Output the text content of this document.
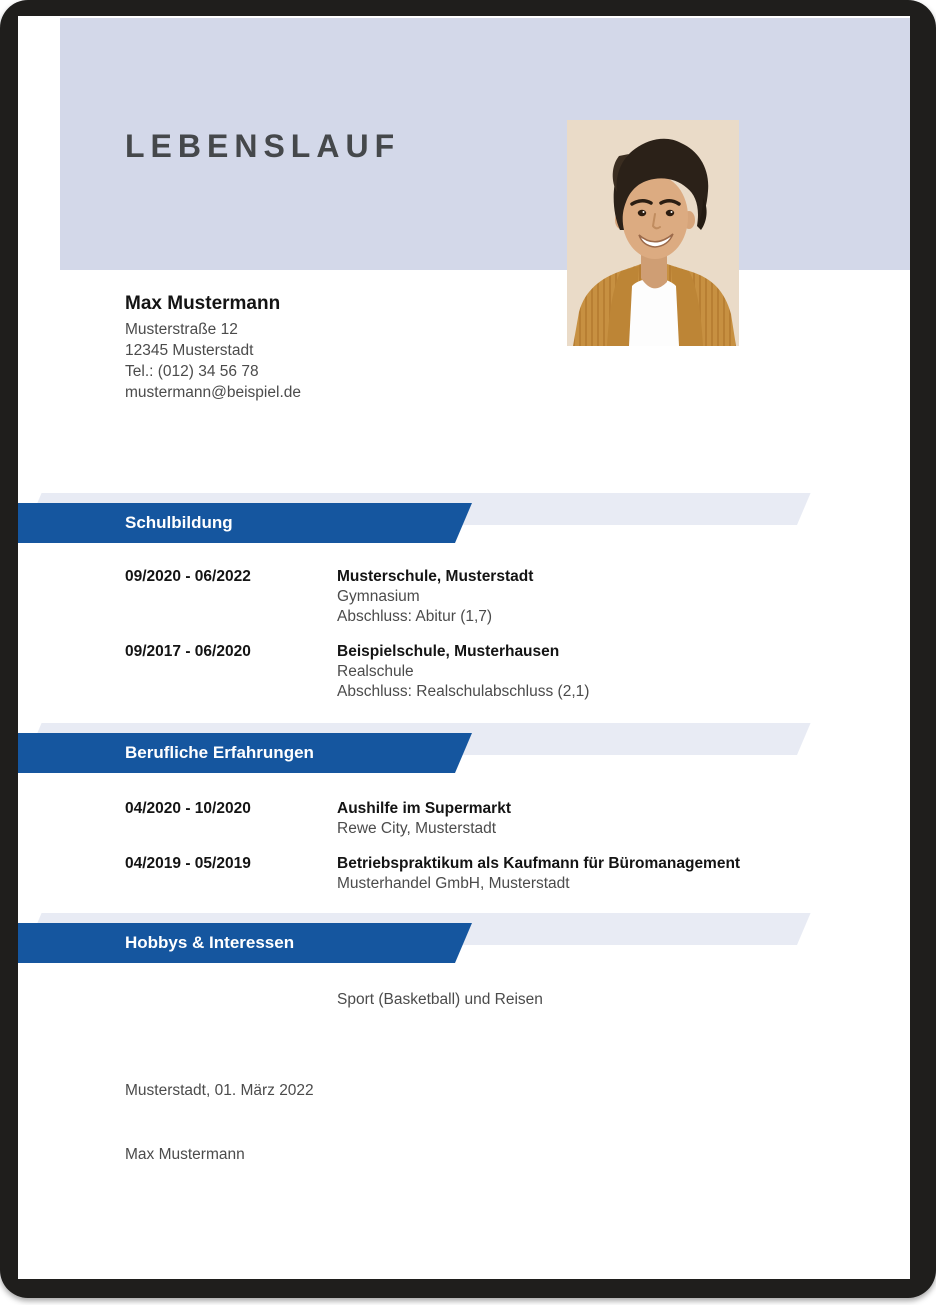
LEBENSLAUF
Max Mustermann
Musterstraße 12
12345 Musterstadt
Tel.: (012) 34 56 78
mustermann@beispiel.de
Schulbildung
09/2020 - 06/2022	Musterschule, Musterstadt
Gymnasium
Abschluss: Abitur (1,7)
09/2017 - 06/2020	Beispielschule, Musterhausen
Realschule
Abschluss: Realschulabschluss (2,1)
Berufliche Erfahrungen
04/2020 - 10/2020	Aushilfe im Supermarkt
Rewe City, Musterstadt
04/2019 - 05/2019	Betriebspraktikum als Kaufmann für Büromanagement
Musterhandel GmbH, Musterstadt
Hobbys & Interessen
Sport (Basketball) und Reisen
Musterstadt, 01. März 2022
Max Mustermann
